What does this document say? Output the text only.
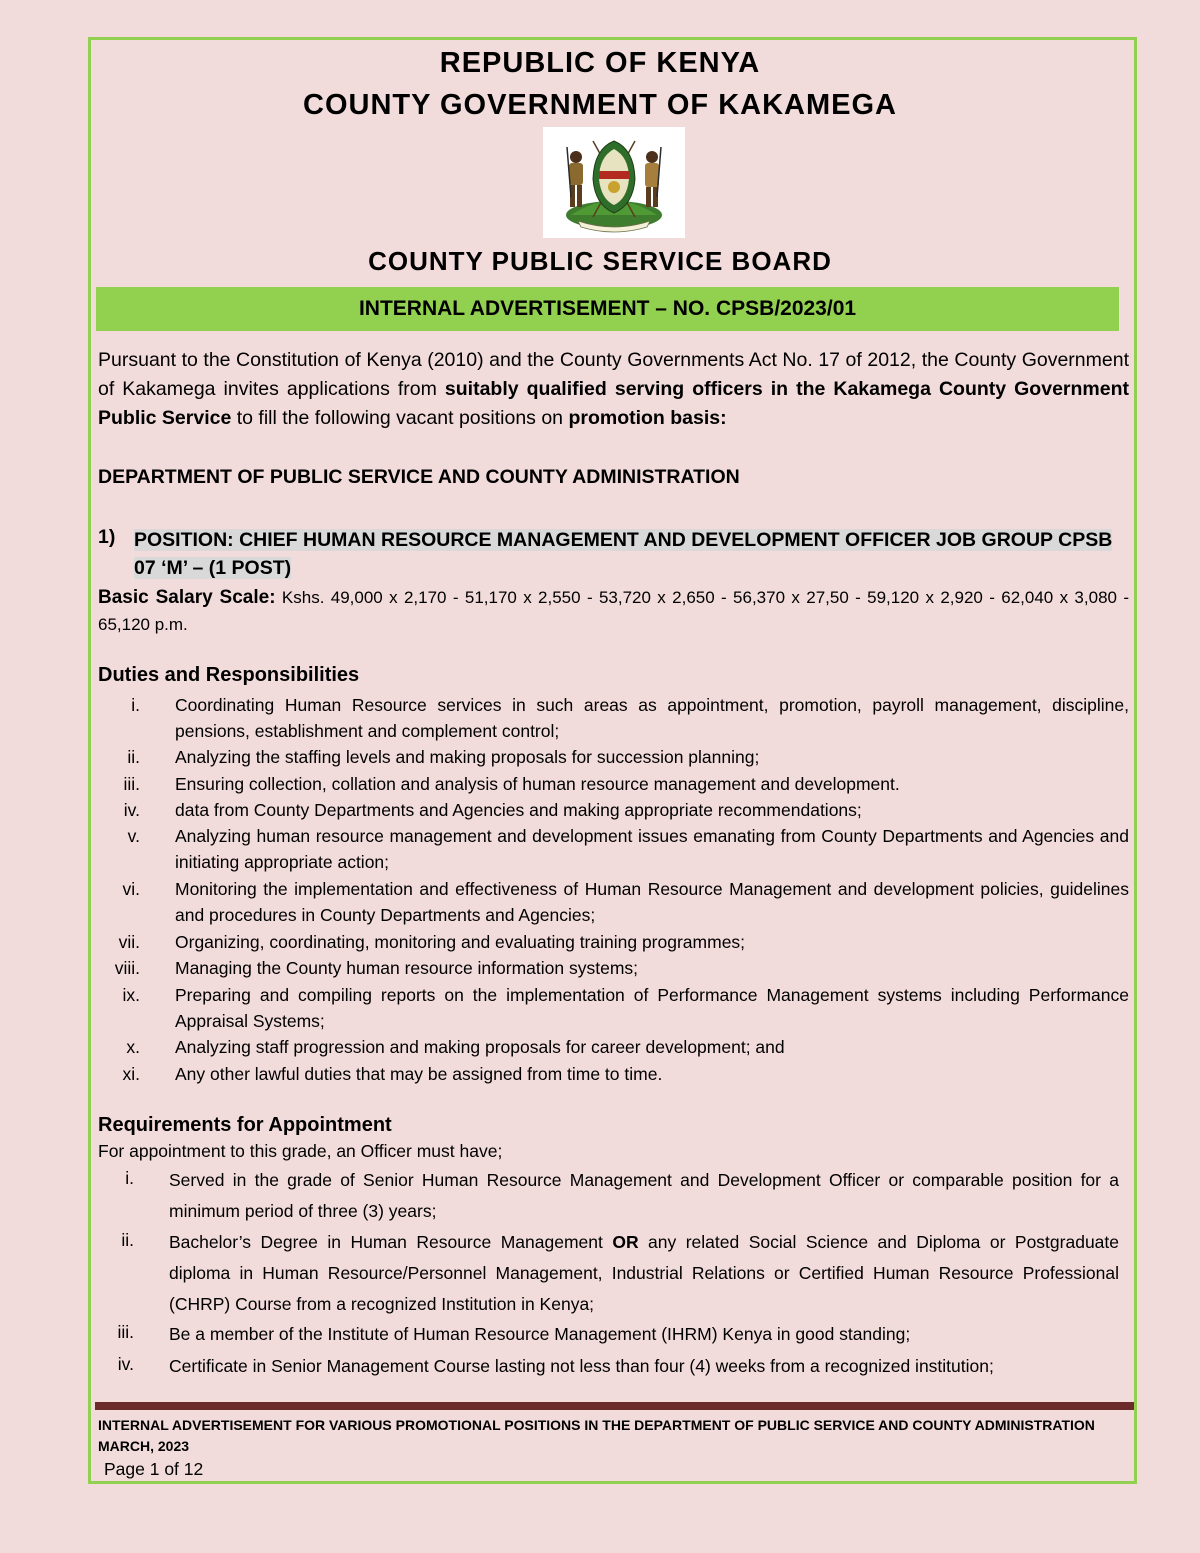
REPUBLIC OF KENYA
COUNTY GOVERNMENT OF KAKAMEGA
COUNTY PUBLIC SERVICE BOARD
INTERNAL ADVERTISEMENT – NO. CPSB/2023/01
Pursuant to the Constitution of Kenya (2010) and the County Governments Act No. 17 of 2012, the County Government of Kakamega invites applications from suitably qualified serving officers in the Kakamega County Government Public Service to fill the following vacant positions on promotion basis:
DEPARTMENT OF PUBLIC SERVICE AND COUNTY ADMINISTRATION
1) POSITION: CHIEF HUMAN RESOURCE MANAGEMENT AND DEVELOPMENT OFFICER JOB GROUP CPSB 07 ‘M’ – (1 POST)
Basic Salary Scale: Kshs. 49,000 x 2,170 - 51,170 x 2,550 - 53,720 x 2,650 - 56,370 x 27,50 - 59,120 x 2,920 - 62,040 x 3,080 - 65,120 p.m.
Duties and Responsibilities
i. Coordinating Human Resource services in such areas as appointment, promotion, payroll management, discipline, pensions, establishment and complement control;
ii. Analyzing the staffing levels and making proposals for succession planning;
iii. Ensuring collection, collation and analysis of human resource management and development.
iv. data from County Departments and Agencies and making appropriate recommendations;
v. Analyzing human resource management and development issues emanating from County Departments and Agencies and initiating appropriate action;
vi. Monitoring the implementation and effectiveness of Human Resource Management and development policies, guidelines and procedures in County Departments and Agencies;
vii. Organizing, coordinating, monitoring and evaluating training programmes;
viii. Managing the County human resource information systems;
ix. Preparing and compiling reports on the implementation of Performance Management systems including Performance Appraisal Systems;
x. Analyzing staff progression and making proposals for career development; and
xi. Any other lawful duties that may be assigned from time to time.
Requirements for Appointment
For appointment to this grade, an Officer must have;
i. Served in the grade of Senior Human Resource Management and Development Officer or comparable position for a minimum period of three (3) years;
ii. Bachelor’s Degree in Human Resource Management OR any related Social Science and Diploma or Postgraduate diploma in Human Resource/Personnel Management, Industrial Relations or Certified Human Resource Professional (CHRP) Course from a recognized Institution in Kenya;
iii. Be a member of the Institute of Human Resource Management (IHRM) Kenya in good standing;
iv. Certificate in Senior Management Course lasting not less than four (4) weeks from a recognized institution;
INTERNAL ADVERTISEMENT FOR VARIOUS PROMOTIONAL POSITIONS IN THE DEPARTMENT OF PUBLIC SERVICE AND COUNTY ADMINISTRATION MARCH, 2023
Page 1 of 12
